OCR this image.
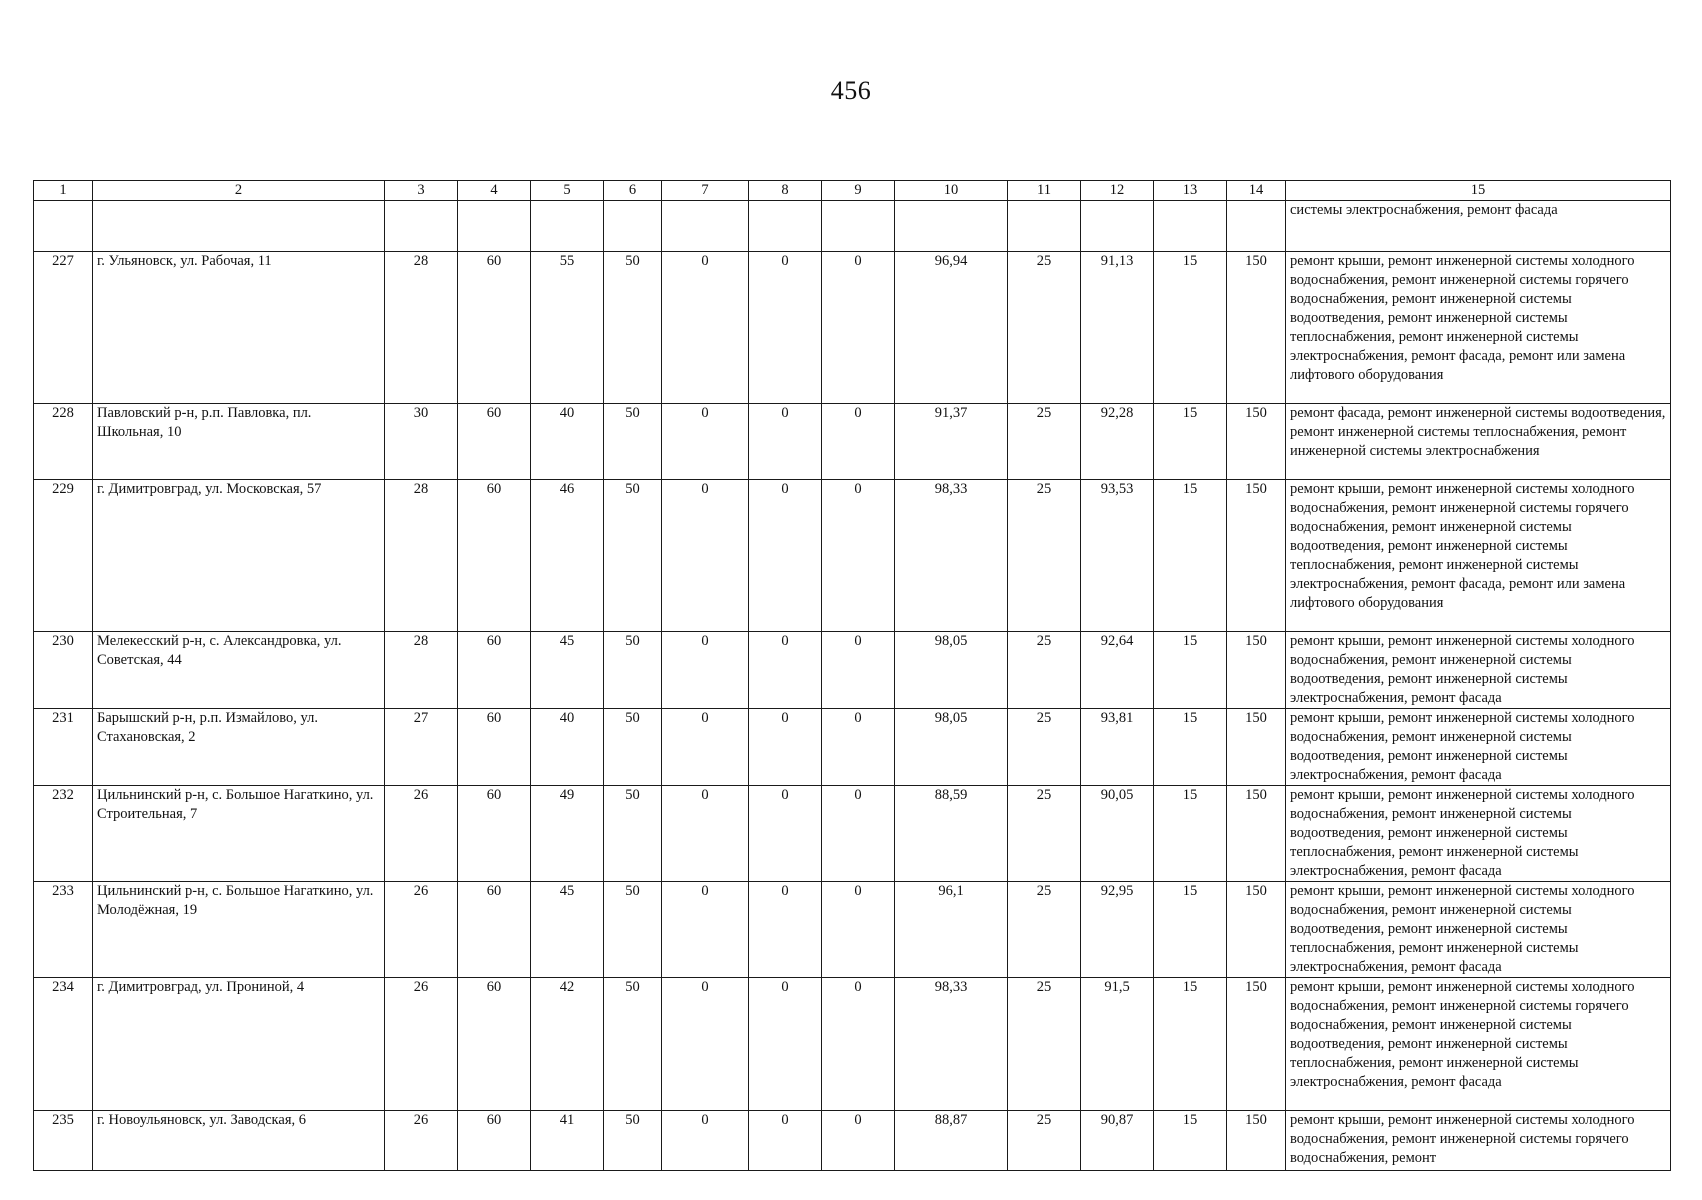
456
1	2	3	4	5	6	7	8	9	10	11	12	13	14	15
														системы электроснабжения, ремонт фасада
227	г. Ульяновск, ул. Рабочая, 11	28	60	55	50	0	0	0	96,94	25	91,13	15	150	ремонт крыши, ремонт инженерной системы холодного водоснабжения, ремонт инженерной системы горячего водоснабжения, ремонт инженерной системы водоотведения, ремонт инженерной системы теплоснабжения, ремонт инженерной системы электроснабжения, ремонт фасада, ремонт или замена лифтового оборудования
228	Павловский р-н, р.п. Павловка, пл. Школьная, 10	30	60	40	50	0	0	0	91,37	25	92,28	15	150	ремонт фасада, ремонт инженерной системы водоотведения, ремонт инженерной системы теплоснабжения, ремонт инженерной системы электроснабжения
229	г. Димитровград, ул. Московская, 57	28	60	46	50	0	0	0	98,33	25	93,53	15	150	ремонт крыши, ремонт инженерной системы холодного водоснабжения, ремонт инженерной системы горячего водоснабжения, ремонт инженерной системы водоотведения, ремонт инженерной системы теплоснабжения, ремонт инженерной системы электроснабжения, ремонт фасада, ремонт или замена лифтового оборудования
230	Мелекесский р-н, с. Александровка, ул. Советская, 44	28	60	45	50	0	0	0	98,05	25	92,64	15	150	ремонт крыши, ремонт инженерной системы холодного водоснабжения, ремонт инженерной системы водоотведения, ремонт инженерной системы электроснабжения, ремонт фасада
231	Барышский р-н, р.п. Измайлово, ул. Стахановская, 2	27	60	40	50	0	0	0	98,05	25	93,81	15	150	ремонт крыши, ремонт инженерной системы холодного водоснабжения, ремонт инженерной системы водоотведения, ремонт инженерной системы электроснабжения, ремонт фасада
232	Цильнинский р-н, с. Большое Нагаткино, ул. Строительная, 7	26	60	49	50	0	0	0	88,59	25	90,05	15	150	ремонт крыши, ремонт инженерной системы холодного водоснабжения, ремонт инженерной системы водоотведения, ремонт инженерной системы теплоснабжения, ремонт инженерной системы электроснабжения, ремонт фасада
233	Цильнинский р-н, с. Большое Нагаткино, ул. Молодёжная, 19	26	60	45	50	0	0	0	96,1	25	92,95	15	150	ремонт крыши, ремонт инженерной системы холодного водоснабжения, ремонт инженерной системы водоотведения, ремонт инженерной системы теплоснабжения, ремонт инженерной системы электроснабжения, ремонт фасада
234	г. Димитровград, ул. Прониной, 4	26	60	42	50	0	0	0	98,33	25	91,5	15	150	ремонт крыши, ремонт инженерной системы холодного водоснабжения, ремонт инженерной системы горячего водоснабжения, ремонт инженерной системы водоотведения, ремонт инженерной системы теплоснабжения, ремонт инженерной системы электроснабжения, ремонт фасада
235	г. Новоульяновск, ул. Заводская, 6	26	60	41	50	0	0	0	88,87	25	90,87	15	150	ремонт крыши, ремонт инженерной системы холодного водоснабжения, ремонт инженерной системы горячего водоснабжения, ремонт
